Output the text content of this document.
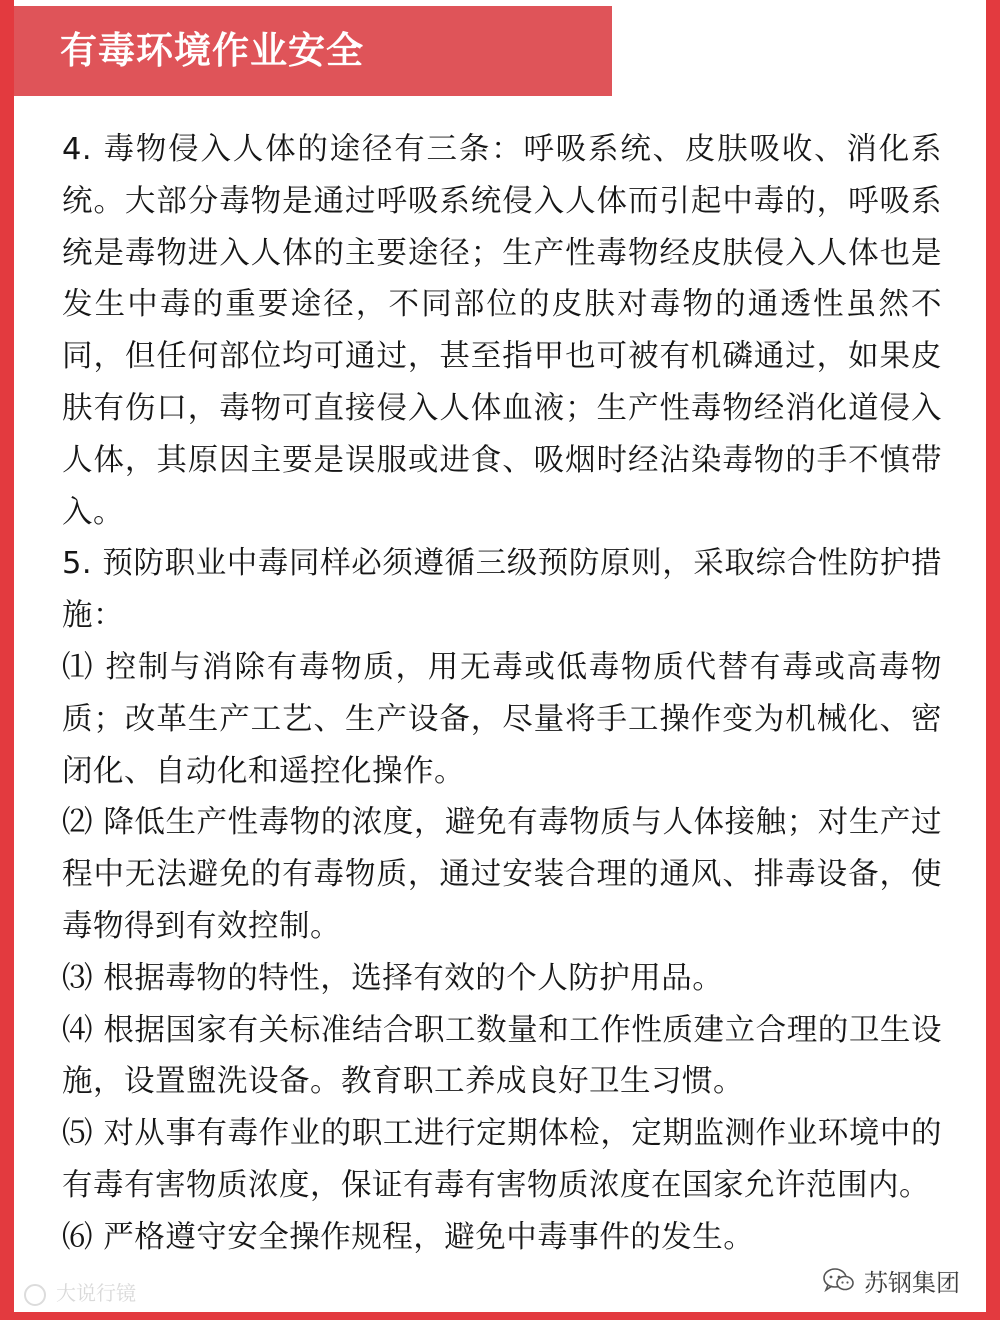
有毒环境作业安全
4. 毒物侵入人体的途径有三条：呼吸系统、皮肤吸收、消化系统。大部分毒物是通过呼吸系统侵入人体而引起中毒的，呼吸系统是毒物进入人体的主要途径；生产性毒物经皮肤侵入人体也是发生中毒的重要途径，不同部位的皮肤对毒物的通透性虽然不同，但任何部位均可通过，甚至指甲也可被有机磷通过，如果皮肤有伤口，毒物可直接侵入人体血液；生产性毒物经消化道侵入人体，其原因主要是误服或进食、吸烟时经沾染毒物的手不慎带入。
5. 预防职业中毒同样必须遵循三级预防原则，采取综合性防护措施：
⑴ 控制与消除有毒物质，用无毒或低毒物质代替有毒或高毒物质；改革生产工艺、生产设备，尽量将手工操作变为机械化、密闭化、自动化和遥控化操作。
⑵ 降低生产性毒物的浓度，避免有毒物质与人体接触；对生产过程中无法避免的有毒物质，通过安装合理的通风、排毒设备，使毒物得到有效控制。
⑶ 根据毒物的特性，选择有效的个人防护用品。
⑷ 根据国家有关标准结合职工数量和工作性质建立合理的卫生设施，设置盥洗设备。教育职工养成良好卫生习惯。
⑸ 对从事有毒作业的职工进行定期体检，定期监测作业环境中的有毒有害物质浓度，保证有毒有害物质浓度在国家允许范围内。
⑹ 严格遵守安全操作规程，避免中毒事件的发生。
大说行镜	苏钢集团
